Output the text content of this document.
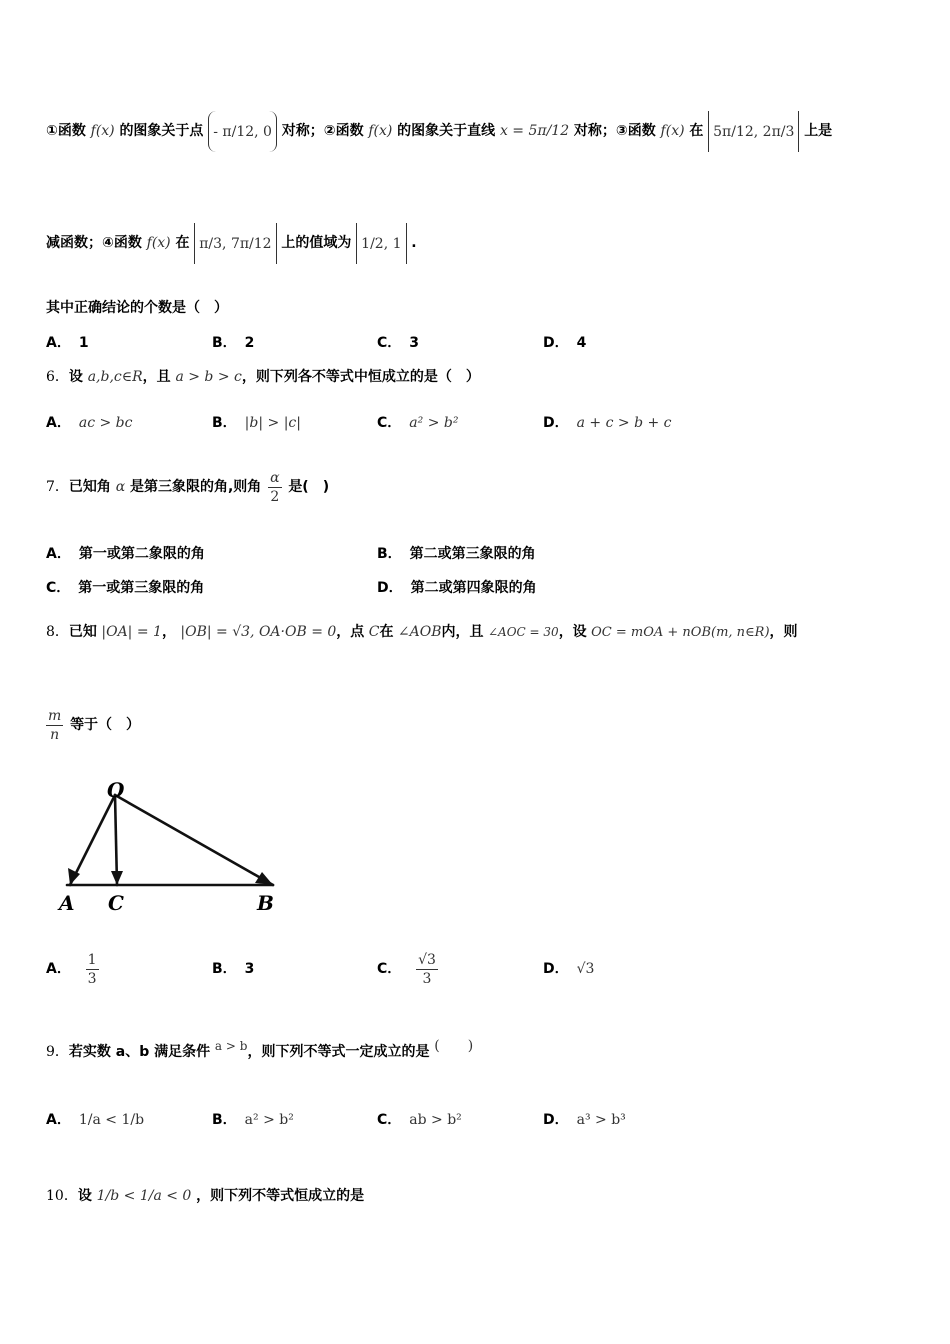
①函数 f(x) 的图象关于点 - π/12, 0 对称；②函数 f(x) 的图象关于直线 x = 5π/12 对称；③函数 f(x) 在 5π/12, 2π/3 上是
减函数；④函数 f(x) 在 π/3, 7π/12 上的值域为 1/2, 1 .
其中正确结论的个数是（　）
A． 1	B． 2	C． 3	D． 4
6．设 a,b,c∈R，且 a > b > c，则下列各不等式中恒成立的是（　）
A． ac > bc	B． |b| > |c|	C． a² > b²	D． a + c > b + c
7．已知角 α 是第三象限的角,则角 $\frac{\alpha}{2}$ 是(　)
A． 第一或第二象限的角	B． 第二或第三象限的角
C． 第一或第三象限的角	D． 第二或第四象限的角
8．已知 |OA| = 1， |OB| = √3, OA·OB = 0，点 C在 ∠AOB内，且 ∠AOC = 30，设 OC = mOA + nOB(m, n∈R)，则
$\frac{m}{n}$ 等于（　）
O
A C	B
A． $\frac{1}{3}$	B． 3	C． $\frac{√3}{3}$	D． √3
9．若实数 a、b 满足条件 $^{a > b}$，则下列不等式一定成立的是 (　　)
A． 1/a < 1/b	B． a² > b²	C． ab > b²	D． a³ > b³
10．设 1/b < 1/a < 0 ，则下列不等式恒成立的是
